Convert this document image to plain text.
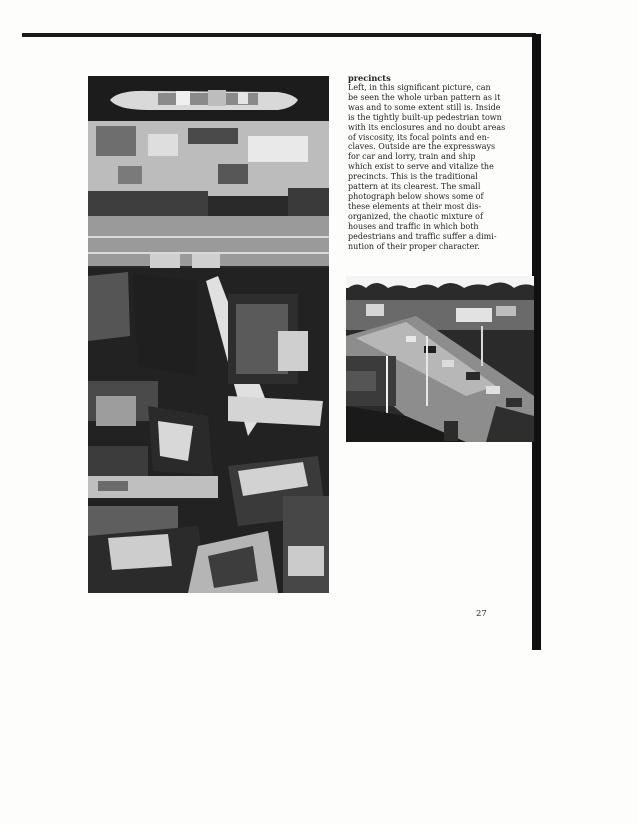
precincts

Left, in this significant picture, can

be seen the whole urban pattern as it

was and to some extent still is. Inside

is the tightly built-up pedestrian town

with its enclosures and no doubt areas

of viscosity, its focal points and en-

claves. Outside are the expressways

for car and lorry, train and ship

which exist to serve and vitalize the

precincts. This is the traditional

pattern at its clearest. The small

photograph below shows some of

these elements at their most dis-

organized, the chaotic mixture of

houses and traffic in which both

pedestrians and traffic suffer a dimi-

nution of their proper character.

27
